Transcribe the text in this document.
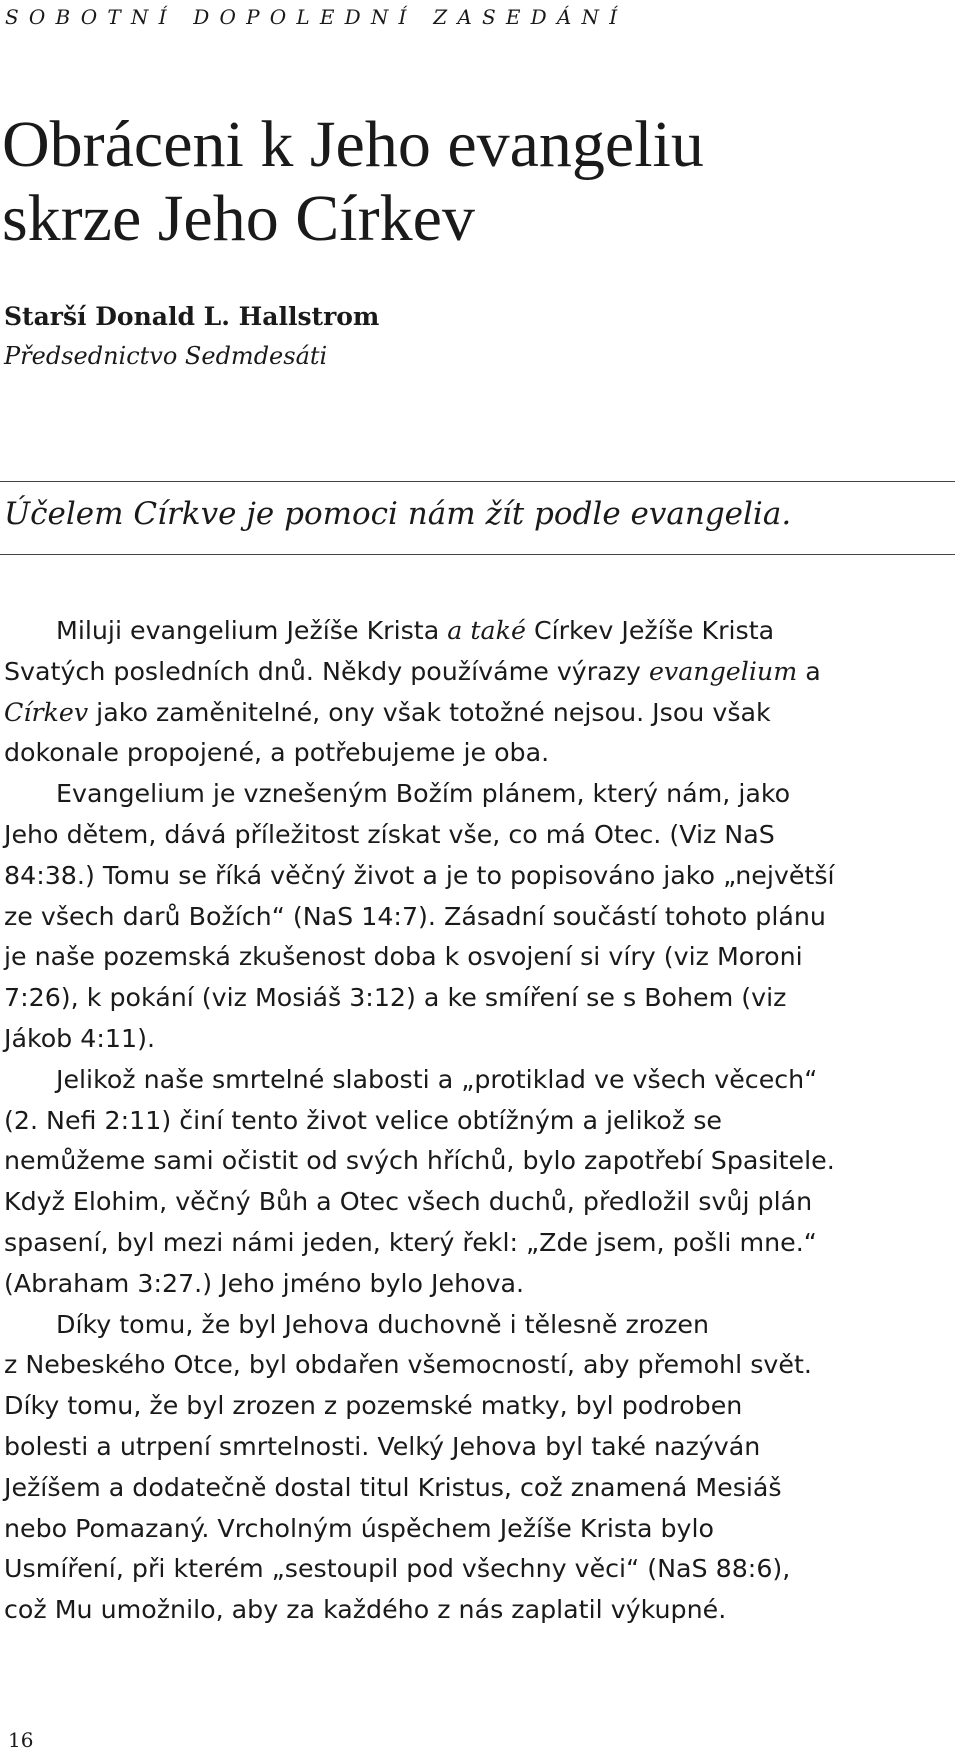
SOBOTNÍ DOPOLEDNÍ ZASEDÁNÍ
Obráceni k Jeho evangeliu
skrze Jeho Církev
Starší Donald L. Hallstrom
Předsednictvo Sedmdesáti
Účelem Církve je pomoci nám žít podle evangelia.
Miluji evangelium Ježíše Krista a také Církev Ježíše Krista
Svatých posledních dnů. Někdy používáme výrazy evangelium a
Církev jako zaměnitelné, ony však totožné nejsou. Jsou však
dokonale propojené, a potřebujeme je oba.
Evangelium je vznešeným Božím plánem, který nám, jako
Jeho dětem, dává příležitost získat vše, co má Otec. (Viz NaS
84:38.) Tomu se říká věčný život a je to popisováno jako „největší
ze všech darů Božích“ (NaS 14:7). Zásadní součástí tohoto plánu
je naše pozemská zkušenost doba k osvojení si víry (viz Moroni
7:26), k pokání (viz Mosiáš 3:12) a ke smíření se s Bohem (viz
Jákob 4:11).
Jelikož naše smrtelné slabosti a „protiklad ve všech věcech“
(2. Nefi 2:11) činí tento život velice obtížným a jelikož se
nemůžeme sami očistit od svých hříchů, bylo zapotřebí Spasitele.
Když Elohim, věčný Bůh a Otec všech duchů, předložil svůj plán
spasení, byl mezi námi jeden, který řekl: „Zde jsem, pošli mne.“
(Abraham 3:27.) Jeho jméno bylo Jehova.
Díky tomu, že byl Jehova duchovně i tělesně zrozen
z Nebeského Otce, byl obdařen všemocností, aby přemohl svět.
Díky tomu, že byl zrozen z pozemské matky, byl podroben
bolesti a utrpení smrtelnosti. Velký Jehova byl také nazýván
Ježíšem a dodatečně dostal titul Kristus, což znamená Mesiáš
nebo Pomazaný. Vrcholným úspěchem Ježíše Krista bylo
Usmíření, při kterém „sestoupil pod všechny věci“ (NaS 88:6),
což Mu umožnilo, aby za každého z nás zaplatil výkupné.
16
